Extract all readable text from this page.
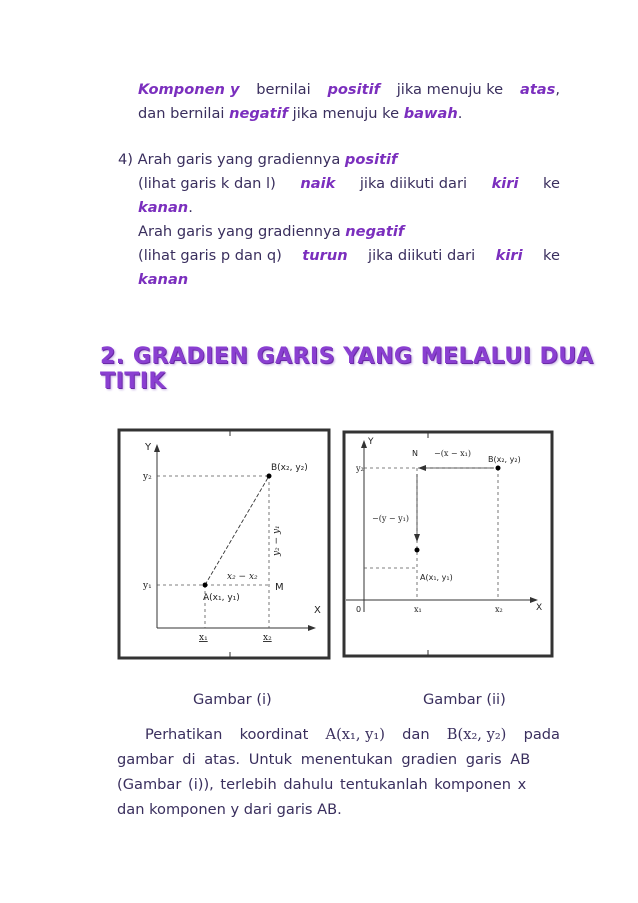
Komponen y bernilai positif jika menuju ke atas,
dan bernilai negatif jika menuju ke bawah.
4) Arah garis yang gradiennya positif
(lihat garis k dan l) naik jika diikuti dari kiri ke
kanan.
Arah garis yang gradiennya negatif
(lihat garis p dan q) turun jika diikuti dari kiri ke
kanan
2. GRADIEN GARIS YANG MELALUI DUA TITIK
Y
X
y₂
y₁
B(x₂, y₂)
A(x₁, y₁)
x₂ − x₂
y₂ − y₁
M
x₁	x₂
Y
X
0
y₂
N −(x − x₁)
B(x₂, y₂)
−(y − y₁)
A(x₁, y₁)
x₁	x₂
Gambar (i)	Gambar (ii)
Perhatikan koordinat A(x₁, y₁) dan B(x₂, y₂) pada
gambar di atas. Untuk menentukan gradien garis AB
(Gambar (i)), terlebih dahulu tentukanlah komponen x
dan komponen y dari garis AB.
